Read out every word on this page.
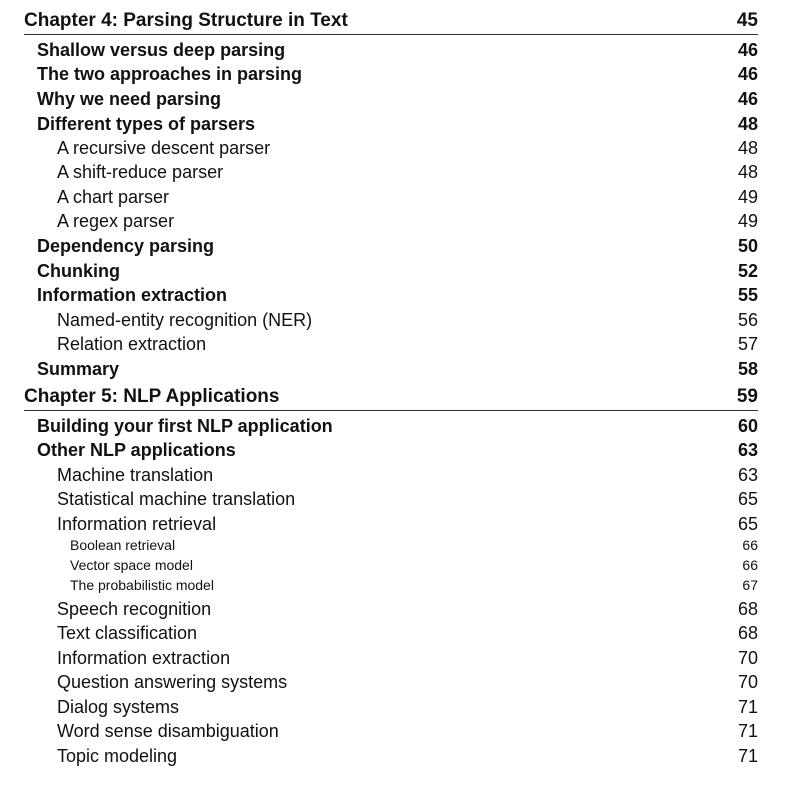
Chapter 4: Parsing Structure in Text	45
Shallow versus deep parsing	46
The two approaches in parsing	46
Why we need parsing	46
Different types of parsers	48
A recursive descent parser	48
A shift-reduce parser	48
A chart parser	49
A regex parser	49
Dependency parsing	50
Chunking	52
Information extraction	55
Named-entity recognition (NER)	56
Relation extraction	57
Summary	58
Chapter 5: NLP Applications	59
Building your first NLP application	60
Other NLP applications	63
Machine translation	63
Statistical machine translation	65
Information retrieval	65
Boolean retrieval	66
Vector space model	66
The probabilistic model	67
Speech recognition	68
Text classification	68
Information extraction	70
Question answering systems	70
Dialog systems	71
Word sense disambiguation	71
Topic modeling	71
